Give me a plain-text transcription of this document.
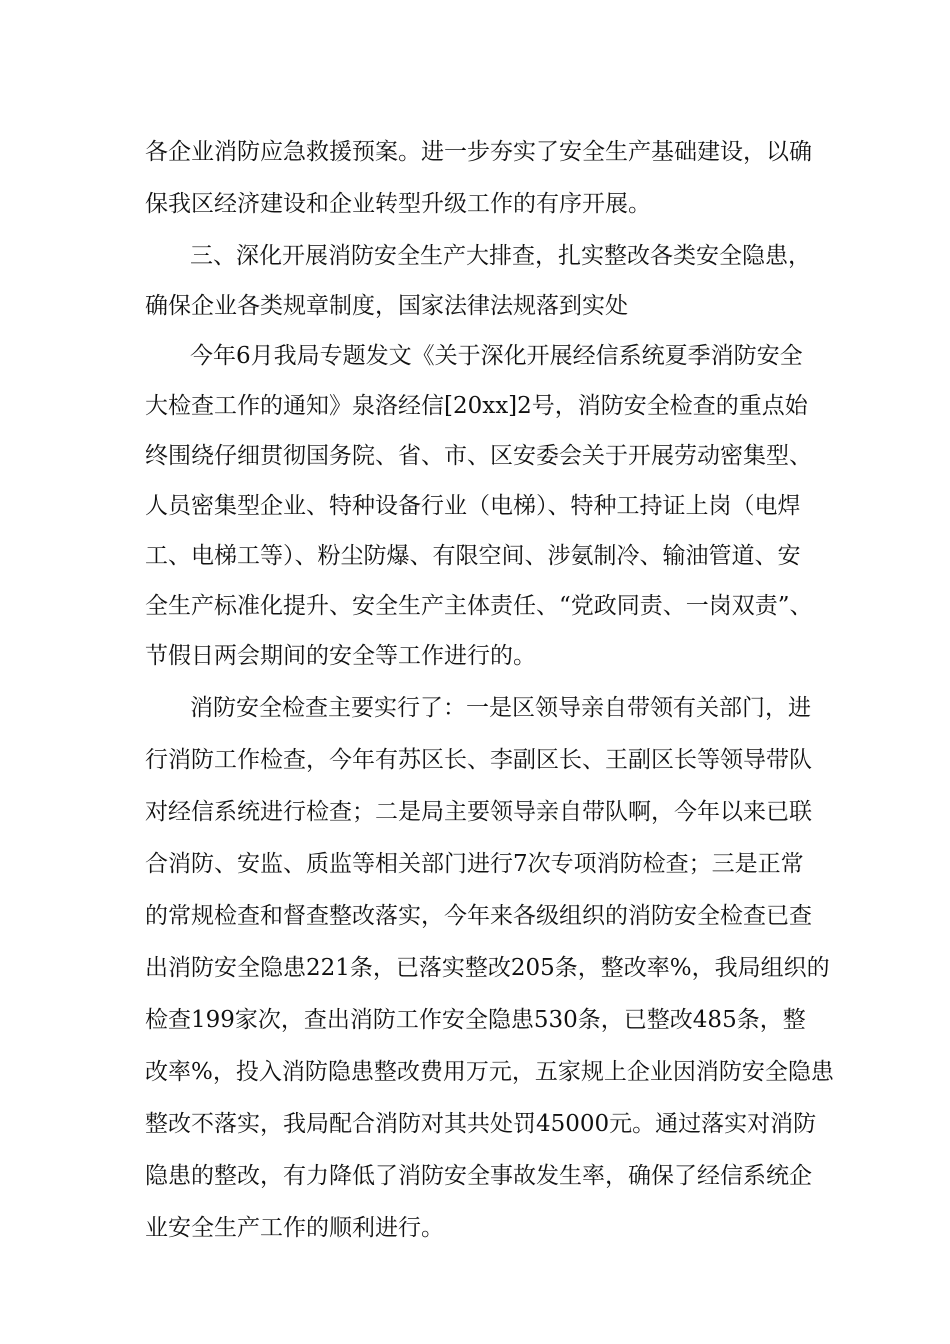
各企业消防应急救援预案。进一步夯实了安全生产基础建设，以确
保我区经济建设和企业转型升级工作的有序开展。
三、深化开展消防安全生产大排查，扎实整改各类安全隐患，
确保企业各类规章制度，国家法律法规落到实处
今年6月我局专题发文《关于深化开展经信系统夏季消防安全
大检查工作的通知》泉洛经信[20xx]2号，消防安全检查的重点始
终围绕仔细贯彻国务院、省、市、区安委会关于开展劳动密集型、
人员密集型企业、特种设备行业（电梯）、特种工持证上岗（电焊
工、电梯工等）、粉尘防爆、有限空间、涉氨制冷、输油管道、安
全生产标准化提升、安全生产主体责任、“党政同责、一岗双责”、
节假日两会期间的安全等工作进行的。
消防安全检查主要实行了：一是区领导亲自带领有关部门，进
行消防工作检查，今年有苏区长、李副区长、王副区长等领导带队
对经信系统进行检查；二是局主要领导亲自带队啊，今年以来已联
合消防、安监、质监等相关部门进行7次专项消防检查；三是正常
的常规检查和督查整改落实，今年来各级组织的消防安全检查已查
出消防安全隐患221条，已落实整改205条，整改率%，我局组织的
检查199家次，查出消防工作安全隐患530条，已整改485条，整
改率%，投入消防隐患整改费用万元，五家规上企业因消防安全隐患
整改不落实，我局配合消防对其共处罚45000元。通过落实对消防
隐患的整改，有力降低了消防安全事故发生率，确保了经信系统企
业安全生产工作的顺利进行。
